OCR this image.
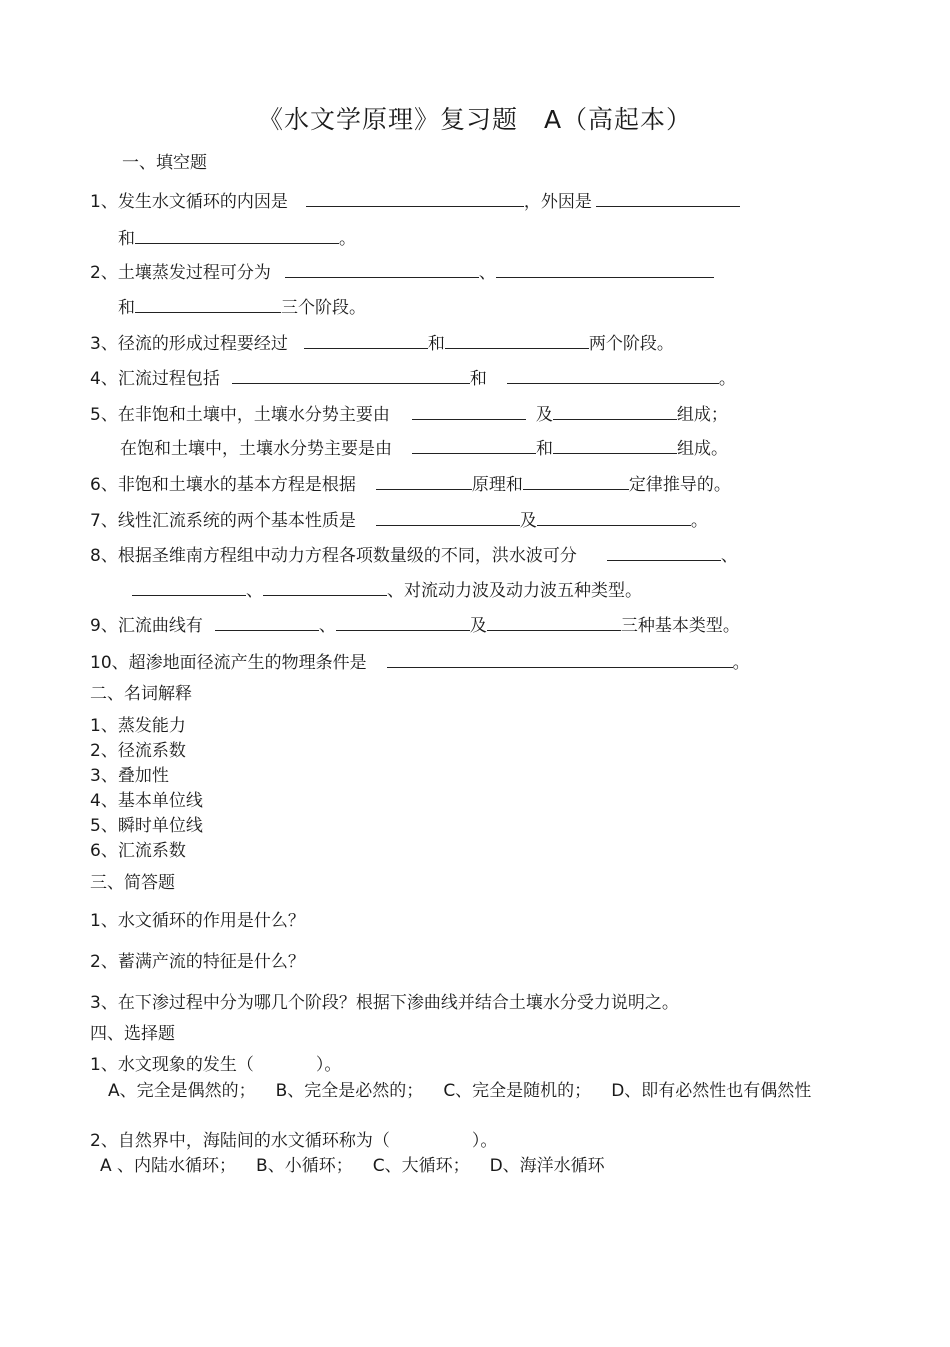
《水文学原理》复习题　A（高起本）
一、填空题
1、发生水文循环的内因是	，外因是
和	。
2、土壤蒸发过程可分为	、
和	三个阶段。
3、径流的形成过程要经过	和	两个阶段。
4、汇流过程包括	和	。
5、在非饱和土壤中，土壤水分势主要由	及	组成；
在饱和土壤中，土壤水分势主要是由	和	组成。
6、非饱和土壤水的基本方程是根据	原理和	定律推导的。
7、线性汇流系统的两个基本性质是	及	。
8、根据圣维南方程组中动力方程各项数量级的不同，洪水波可分	、
、	、对流动力波及动力波五种类型。
9、汇流曲线有	、	及	三种基本类型。
10、超渗地面径流产生的物理条件是	。
二、名词解释
1、蒸发能力
2、径流系数
3、叠加性
4、基本单位线
5、瞬时单位线
6、汇流系数
三、简答题
1、水文循环的作用是什么？
2、蓄满产流的特征是什么？
3、在下渗过程中分为哪几个阶段？根据下渗曲线并结合土壤水分受力说明之。
四、选择题
1、水文现象的发生（	）。
A、完全是偶然的； B、完全是必然的； C、完全是随机的； D、即有必然性也有偶然性
2、自然界中，海陆间的水文循环称为（	）。
A 、内陆水循环； B、小循环； C、大循环； D、海洋水循环
